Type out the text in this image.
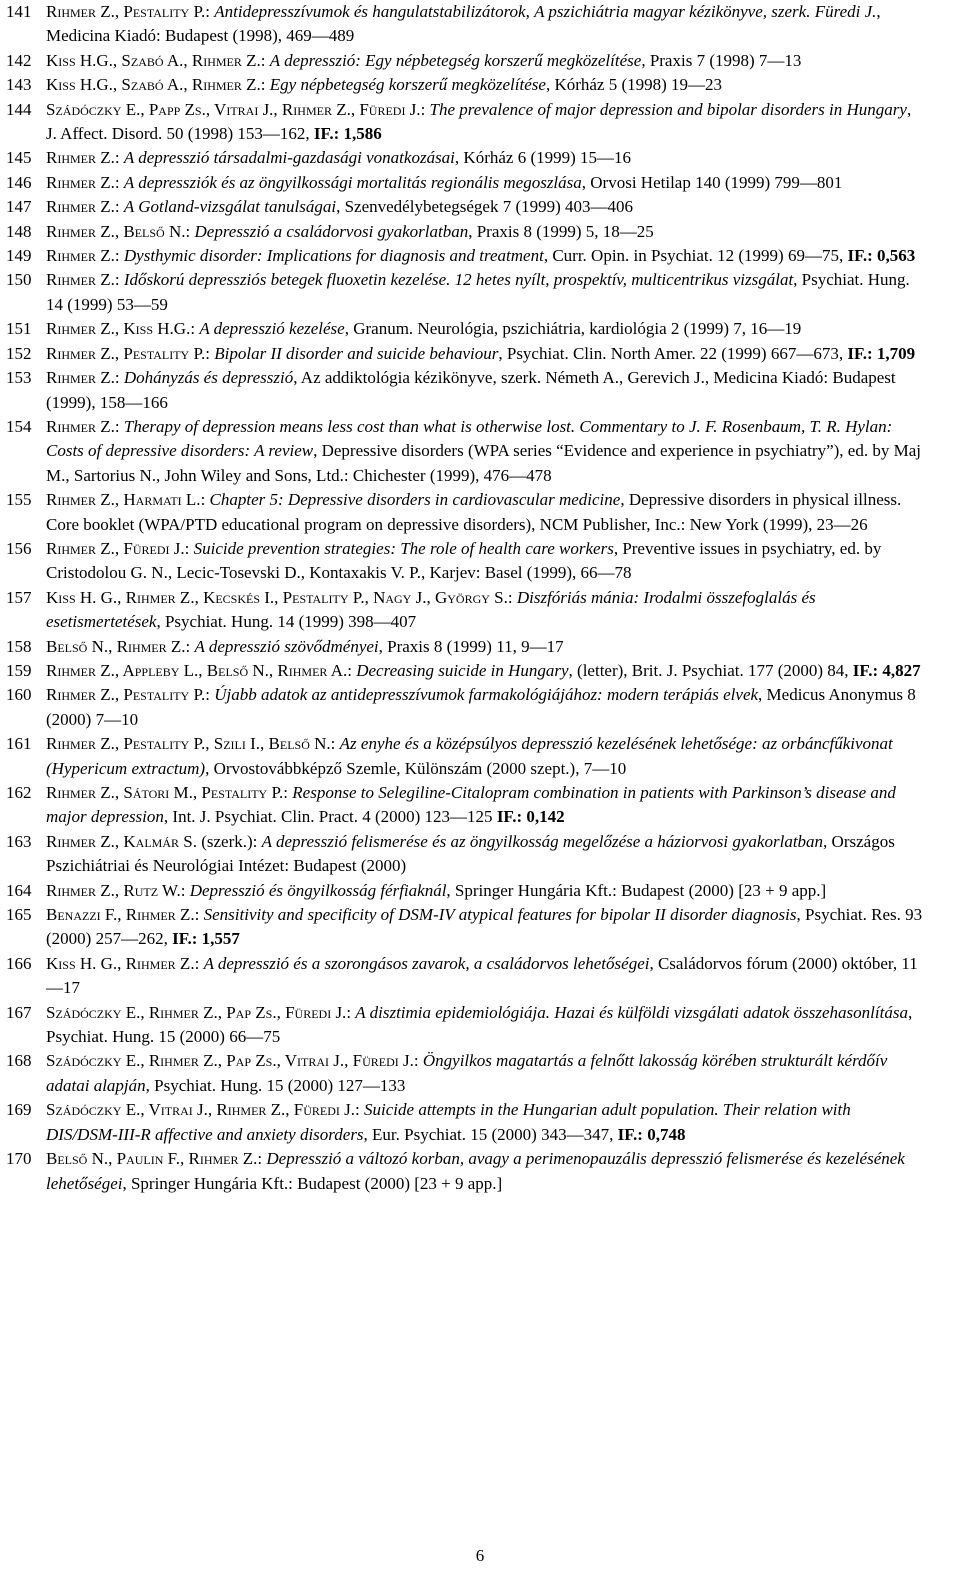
141 Rihmer Z., Pestality P.: Antidepresszívumok és hangulatstabilizátorok, A pszichiátria magyar kézikönyve, szerk. Füredi J., Medicina Kiadó: Budapest (1998), 469—489
142 Kiss H.G., Szabó A., Rihmer Z.: A depresszió: Egy népbetegség korszerű megközelítése, Praxis 7 (1998) 7—13
143 Kiss H.G., Szabó A., Rihmer Z.: Egy népbetegség korszerű megközelítése, Kórház 5 (1998) 19—23
144 Szádóczky E., Papp Zs., Vitrai J., Rihmer Z., Füredi J.: The prevalence of major depression and bipolar disorders in Hungary, J. Affect. Disord. 50 (1998) 153—162, IF.: 1,586
145 Rihmer Z.: A depresszió társadalmi-gazdasági vonatkozásai, Kórház 6 (1999) 15—16
146 Rihmer Z.: A depressziók és az öngyilkossági mortalitás regionális megoszlása, Orvosi Hetilap 140 (1999) 799—801
147 Rihmer Z.: A Gotland-vizsgálat tanulságai, Szenvedélybetegségek 7 (1999) 403—406
148 Rihmer Z., Belső N.: Depresszió a családorvosi gyakorlatban, Praxis 8 (1999) 5, 18—25
149 Rihmer Z.: Dysthymic disorder: Implications for diagnosis and treatment, Curr. Opin. in Psychiat. 12 (1999) 69—75, IF.: 0,563
150 Rihmer Z.: Időskorú depressziós betegek fluoxetin kezelése. 12 hetes nyílt, prospektív, multicentrikus vizsgálat, Psychiat. Hung. 14 (1999) 53—59
151 Rihmer Z., Kiss H.G.: A depresszió kezelése, Granum. Neurológia, pszichiátria, kardiológia 2 (1999) 7, 16—19
152 Rihmer Z., Pestality P.: Bipolar II disorder and suicide behaviour, Psychiat. Clin. North Amer. 22 (1999) 667—673, IF.: 1,709
153 Rihmer Z.: Dohányzás és depresszió, Az addiktológia kézikönyve, szerk. Németh A., Gerevich J., Medicina Kiadó: Budapest (1999), 158—166
154 Rihmer Z.: Therapy of depression means less cost than what is otherwise lost. Commentary to J. F. Rosenbaum, T. R. Hylan: Costs of depressive disorders: A review, Depressive disorders (WPA series “Evidence and experience in psychiatry”), ed. by Maj M., Sartorius N., John Wiley and Sons, Ltd.: Chichester (1999), 476—478
155 Rihmer Z., Harmati L.: Chapter 5: Depressive disorders in cardiovascular medicine, Depressive disorders in physical illness. Core booklet (WPA/PTD educational program on depressive disorders), NCM Publisher, Inc.: New York (1999), 23—26
156 Rihmer Z., Füredi J.: Suicide prevention strategies: The role of health care workers, Preventive issues in psychiatry, ed. by Cristodolou G. N., Lecic-Tosevski D., Kontaxakis V. P., Karjev: Basel (1999), 66—78
157 Kiss H. G., Rihmer Z., Kecskés I., Pestality P., Nagy J., György S.: Diszfóriás mánia: Irodalmi összefoglalás és esetismertetések, Psychiat. Hung. 14 (1999) 398—407
158 Belső N., Rihmer Z.: A depresszió szövődményei, Praxis 8 (1999) 11, 9—17
159 Rihmer Z., Appleby L., Belső N., Rihmer A.: Decreasing suicide in Hungary, (letter), Brit. J. Psychiat. 177 (2000) 84, IF.: 4,827
160 Rihmer Z., Pestality P.: Újabb adatok az antidepresszívumok farmakológiájához: modern terápiás elvek, Medicus Anonymus 8 (2000) 7—10
161 Rihmer Z., Pestality P., Szili I., Belső N.: Az enyhe és a középsúlyos depresszió kezelésének lehetősége: az orbáncfűkivonat (Hypericum extractum), Orvostovábbképző Szemle, Különszám (2000 szept.), 7—10
162 Rihmer Z., Sátori M., Pestality P.: Response to Selegiline-Citalopram combination in patients with Parkinson’s disease and major depression, Int. J. Psychiat. Clin. Pract. 4 (2000) 123—125 IF.: 0,142
163 Rihmer Z., Kalmár S. (szerk.): A depresszió felismerése és az öngyilkosság megelőzése a háziorvosi gyakorlatban, Országos Pszichiátriai és Neurológiai Intézet: Budapest (2000)
164 Rihmer Z., Rutz W.: Depresszió és öngyilkosság férfiaknál, Springer Hungária Kft.: Budapest (2000) [23 + 9 app.]
165 Benazzi F., Rihmer Z.: Sensitivity and specificity of DSM-IV atypical features for bipolar II disorder diagnosis, Psychiat. Res. 93 (2000) 257—262, IF.: 1,557
166 Kiss H. G., Rihmer Z.: A depresszió és a szorongásos zavarok, a családorvos lehetőségei, Családorvos fórum (2000) október, 11—17
167 Szádóczky E., Rihmer Z., Pap Zs., Füredi J.: A disztimia epidemiológiája. Hazai és külföldi vizsgálati adatok összehasonlítása, Psychiat. Hung. 15 (2000) 66—75
168 Szádóczky E., Rihmer Z., Pap Zs., Vitrai J., Füredi J.: Öngyilkos magatartás a felnőtt lakosság körében strukturált kérdőív adatai alapján, Psychiat. Hung. 15 (2000) 127—133
169 Szádóczky E., Vitrai J., Rihmer Z., Füredi J.: Suicide attempts in the Hungarian adult population. Their relation with DIS/DSM-III-R affective and anxiety disorders, Eur. Psychiat. 15 (2000) 343—347, IF.: 0,748
170 Belső N., Paulin F., Rihmer Z.: Depresszió a változó korban, avagy a perimenopauzális depresszió felismerése és kezelésének lehetőségei, Springer Hungária Kft.: Budapest (2000) [23 + 9 app.]
6
